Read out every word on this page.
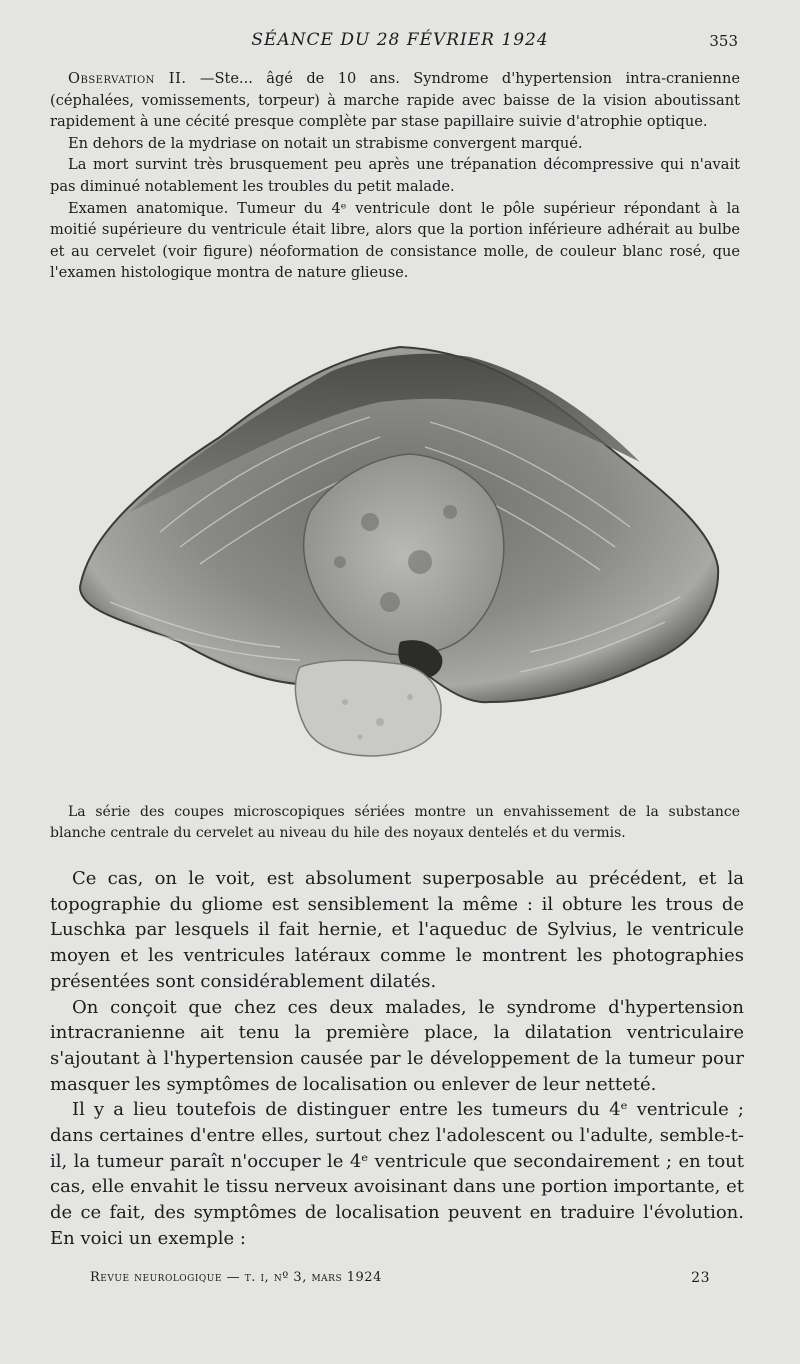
SÉANCE DU 28 FÉVRIER 1924	353

Observation II. —Ste... âgé de 10 ans. Syndrome d'hypertension intra-cranienne (céphalées, vomissements, torpeur) à marche rapide avec baisse de la vision aboutissant rapidement à une cécité presque complète par stase papillaire suivie d'atrophie optique.

En dehors de la mydriase on notait un strabisme convergent marqué.

La mort survint très brusquement peu après une trépanation décompressive qui n'avait pas diminué notablement les troubles du petit malade.

Examen anatomique. Tumeur du 4ᵉ ventricule dont le pôle supérieur répondant à la moitié supérieure du ventricule était libre, alors que la portion inférieure adhérait au bulbe et au cervelet (voir figure) néoformation de consistance molle, de couleur blanc rosé, que l'examen histologique montra de nature glieuse.

La série des coupes microscopiques sériées montre un envahissement de la substance blanche centrale du cervelet au niveau du hile des noyaux dentelés et du vermis.

Ce cas, on le voit, est absolument superposable au précédent, et la topographie du gliome est sensiblement la même : il obture les trous de Luschka par lesquels il fait hernie, et l'aqueduc de Sylvius, le ventricule moyen et les ventricules latéraux comme le montrent les photographies présentées sont considérablement dilatés.

On conçoit que chez ces deux malades, le syndrome d'hypertension intracranienne ait tenu la première place, la dilatation ventriculaire s'ajoutant à l'hypertension causée par le développement de la tumeur pour masquer les symptômes de localisation ou enlever de leur netteté.

Il y a lieu toutefois de distinguer entre les tumeurs du 4ᵉ ventricule ; dans certaines d'entre elles, surtout chez l'adolescent ou l'adulte, semble-t-il, la tumeur paraît n'occuper le 4ᵉ ventricule que secondairement ; en tout cas, elle envahit le tissu nerveux avoisinant dans une portion importante, et de ce fait, des symptômes de localisation peuvent en traduire l'évolution. En voici un exemple :

Revue neurologique — t. i, nº 3, mars 1924	23
